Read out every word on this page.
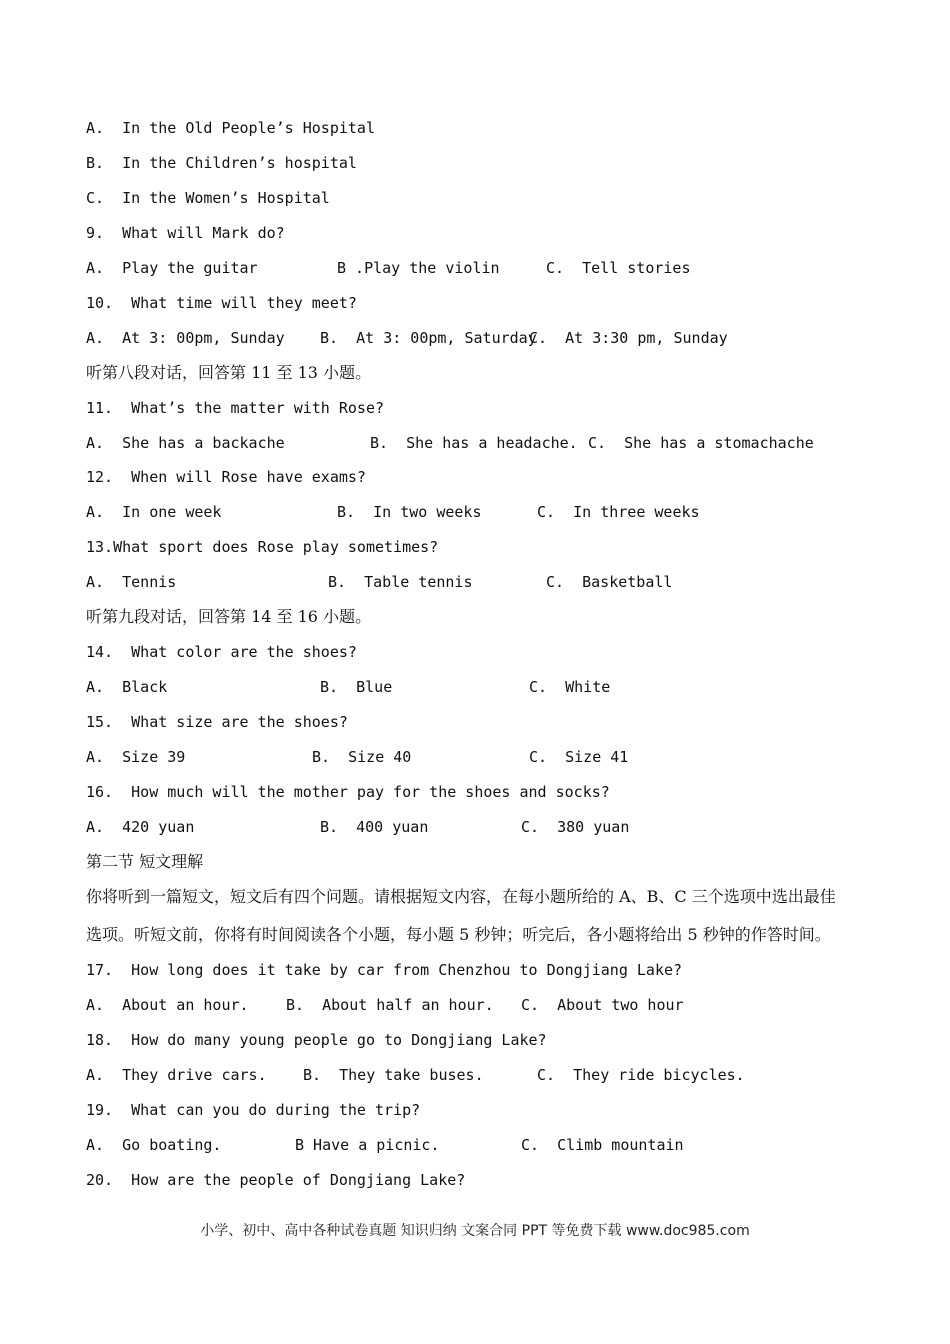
A.  In the Old People’s Hospital

B.  In the Children’s hospital

C.  In the Women’s Hospital

9.  What will Mark do?

A.  Play the guitar

	B .Play the violin

	C.  Tell stories

10.  What time will they meet?

A.  At 3: 00pm, Sunday

B.  At 3: 00pm, Saturday

C.  At 3:30 pm, Sunday

听第八段对话，回答第 11 至 13 小题。

11.  What’s the matter with Rose?

A.  She has a backache

	B.  She has a headache.

C.  She has a stomachache

12.  When will Rose have exams?

A.  In one week

	B.  In two weeks

	C.  In three weeks

13.What sport does Rose play sometimes?

A.  Tennis

	B.  Table tennis

	C.  Basketball

听第九段对话，回答第 14 至 16 小题。

14.  What color are the shoes?

A.  Black

	B.  Blue

	C.  White

15.  What size are the shoes?

A.  Size 39

	B.  Size 40

	C.  Size 41

16.  How much will the mother pay for the shoes and socks?

A.  420 yuan

	B.  400 yuan

	C.  380 yuan

第二节 短文理解

你将听到一篇短文，短文后有四个问题。请根据短文内容，在每小题所给的 A、B、C 三个选项中选出最佳

选项。听短文前，你将有时间阅读各个小题，每小题 5 秒钟；听完后，各小题将给出 5 秒钟的作答时间。

17.  How long does it take by car from Chenzhou to Dongjiang Lake?

A.  About an hour.

B.  About half an hour.

C.  About two hour

18.  How do many young people go to Dongjiang Lake?

A.  They drive cars.

B.  They take buses.

	C.  They ride bicycles.

19.  What can you do during the trip?

A.  Go boating.

	B Have a picnic.

	C.  Climb mountain

20.  How are the people of Dongjiang Lake?

小学、初中、高中各种试卷真题 知识归纳 文案合同 PPT 等免费下载 www.doc985.com
